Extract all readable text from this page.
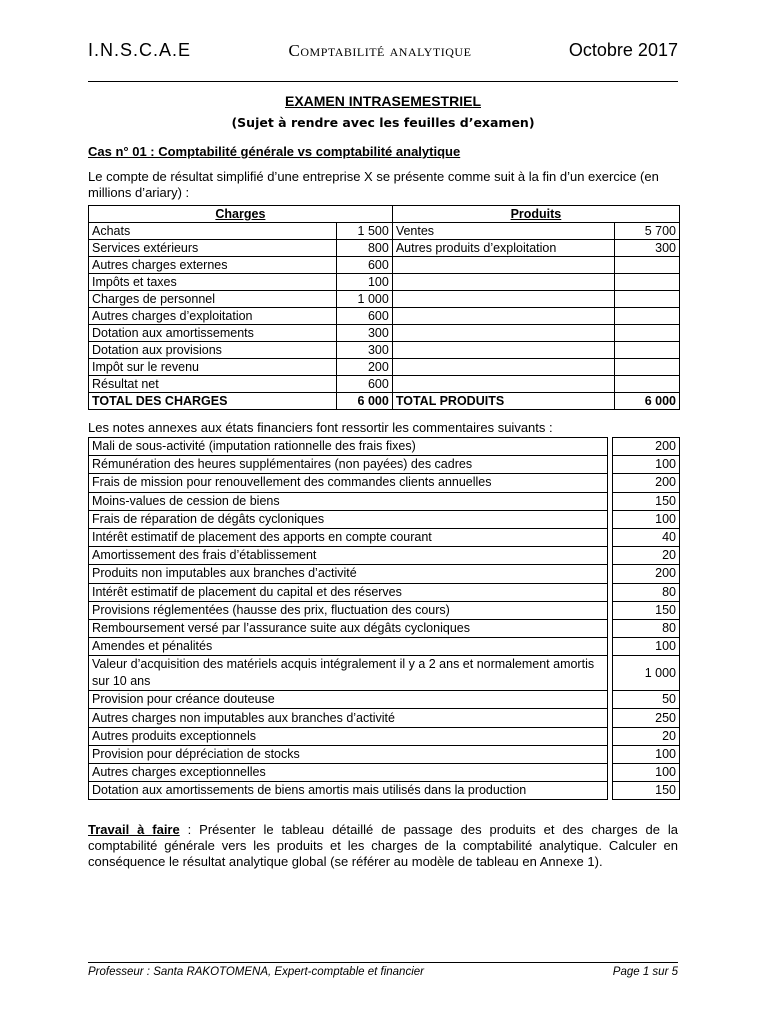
I.N.S.C.A.E	Comptabilité analytique	Octobre 2017
EXAMEN INTRASEMESTRIEL
(Sujet à rendre avec les feuilles d’examen)
Cas n° 01 : Comptabilité générale vs comptabilité analytique
Le compte de résultat simplifié d’une entreprise X se présente comme suit à la fin d’un exercice (en millions d’ariary) :
Charges		Produits	
Achats	1 500	Ventes	5 700
Services extérieurs	800	Autres produits d’exploitation	300
Autres charges externes	600		
Impôts et taxes	100		
Charges de personnel	1 000		
Autres charges d’exploitation	600		
Dotation aux amortissements	300		
Dotation aux provisions	300		
Impôt sur le revenu	200		
Résultat net	600		
TOTAL DES CHARGES	6 000	TOTAL PRODUITS	6 000
Les notes annexes aux états financiers font ressortir les commentaires suivants :
Mali de sous-activité (imputation rationnelle des frais fixes)		200
Rémunération des heures supplémentaires (non payées) des cadres		100
Frais de mission pour renouvellement des commandes clients annuelles		200
Moins-values de cession de biens		150
Frais de réparation de dégâts cycloniques		100
Intérêt estimatif de placement des apports en compte courant		40
Amortissement des frais d’établissement		20
Produits non imputables aux branches d’activité		200
Intérêt estimatif de placement du capital et des réserves		80
Provisions réglementées (hausse des prix, fluctuation des cours)		150
Remboursement versé par l’assurance suite aux dégâts cycloniques		80
Amendes et pénalités		100
Valeur d’acquisition des matériels acquis intégralement il y a 2 ans et normalement amortis sur 10 ans		1 000
Provision pour créance douteuse		50
Autres charges non imputables aux branches d’activité		250
Autres produits exceptionnels		20
Provision pour dépréciation de stocks		100
Autres charges exceptionnelles		100
Dotation aux amortissements de biens amortis mais utilisés dans la production		150
Travail à faire : Présenter le tableau détaillé de passage des produits et des charges de la comptabilité générale vers les produits et les charges de la comptabilité analytique. Calculer en conséquence le résultat analytique global (se référer au modèle de tableau en Annexe 1).
Professeur : Santa RAKOTOMENA, Expert-comptable et financier	Page 1 sur 5
